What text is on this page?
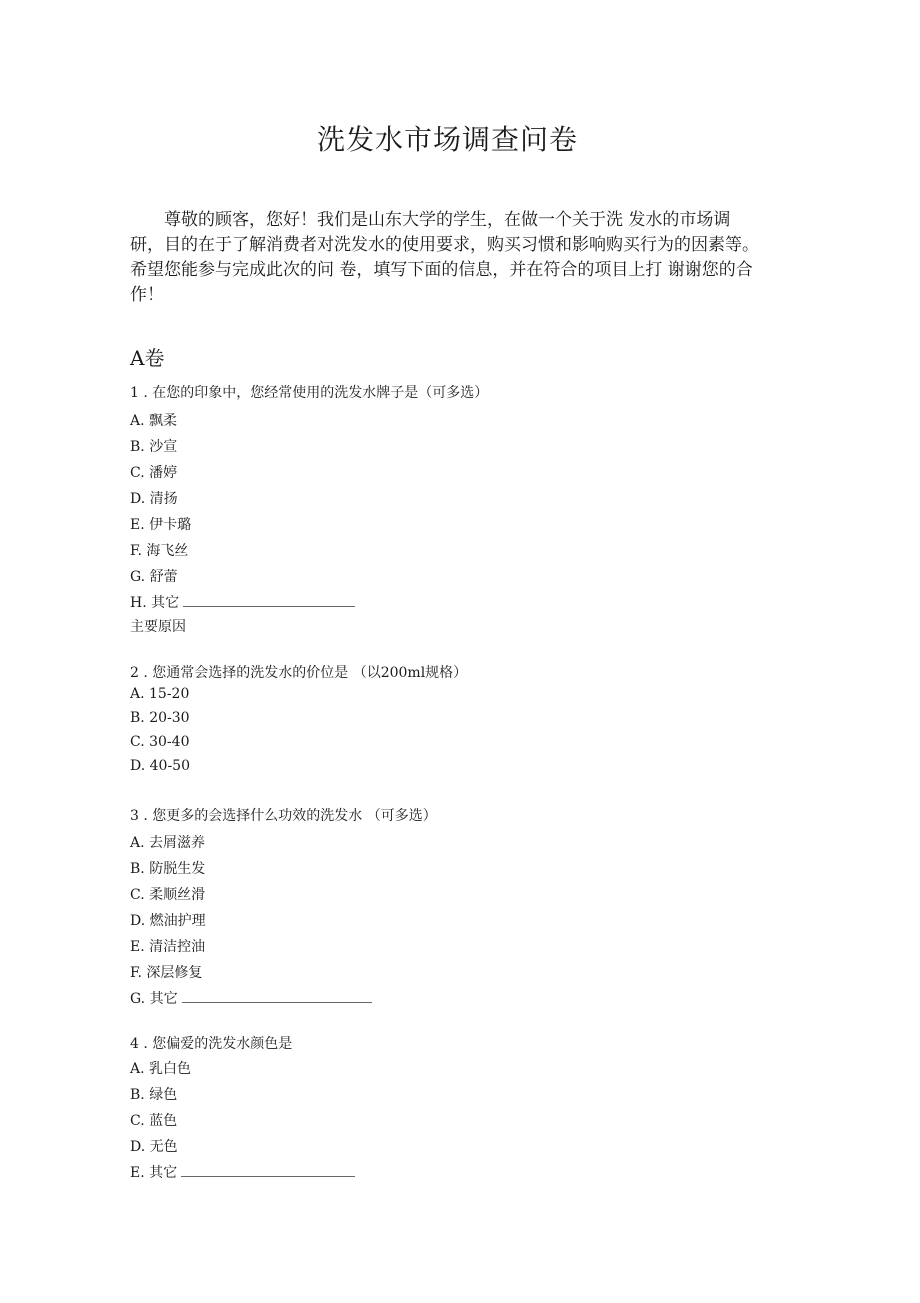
洗发水市场调查问卷
尊敬的顾客，您好！我们是山东大学的学生，在做一个关于洗 发水的市场调研，目的在于了解消费者对洗发水的使用要求，购买习惯和影响购买行为的因素等。希望您能参与完成此次的问 卷，填写下面的信息，并在符合的项目上打 谢谢您的合作！
A卷
1 . 在您的印象中，您经常使用的洗发水牌子是（可多选）
A. 飘柔
B. 沙宣
C. 潘婷
D. 清扬
E. 伊卡璐
F. 海飞丝
G. 舒蕾
H. 其它
主要原因
2 . 您通常会选择的洗发水的价位是 （以200ml规格）
A. 15-20
B. 20-30
C. 30-40
D. 40-50
3 . 您更多的会选择什么功效的洗发水 （可多选）
A. 去屑滋养
B. 防脱生发
C. 柔顺丝滑
D. 燃油护理
E. 清洁控油
F. 深层修复
G. 其它
4 . 您偏爱的洗发水颜色是
A. 乳白色
B. 绿色
C. 蓝色
D. 无色
E. 其它
